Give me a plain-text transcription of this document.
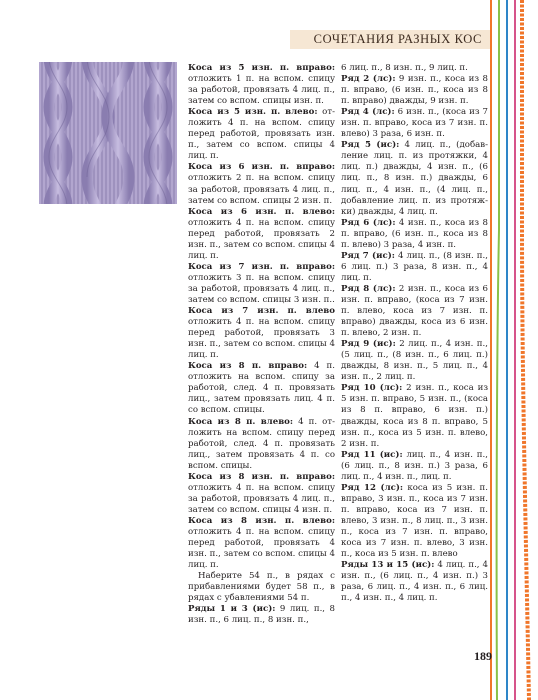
СОЧЕТАНИЯ РАЗНЫХ КОС

Коса из 5 изн. п. вправо: отложить 1 п. на вспом. спицу за работой, провязать 4 лиц. п., затем со вспом. спицы изн. п.

Коса из 5 изн. п. влево: отложить 4 п. на вспом. спицу перед работой, провязать изн. п., затем со вспом. спицы 4 лиц. п.

Коса из 6 изн. п. вправо: отложить 2 п. на вспом. спицу за работой, провязать 4 лиц. п., затем со вспом. спицы 2 изн. п.

Коса из 6 изн. п. влево: отложить 4 п. на вспом. спицу перед работой, провязать 2 изн. п., затем со вспом. спицы 4 лиц. п.

Коса из 7 изн. п. вправо: отложить 3 п. на вспом. спицу за работой, провязать 4 лиц. п., затем со вспом. спицы 3 изн. п..

Коса из 7 изн. п. влево отложить 4 п. на вспом. спицу перед работой, провязать 3 изн. п., затем со вспом. спицы 4 лиц. п.

Коса из 8 п. вправо: 4 п. отложить на вспом. спицу за работой, след. 4 п. провязать лиц., затем провязать лиц. 4 п. со вспом. спицы.

Коса из 8 п. влево: 4 п. отложить на вспом. спицу перед работой, след. 4 п. провязать лиц., затем провязать 4 п. со вспом. спицы.

Коса из 8 изн. п. вправо: отложить 4 п. на вспом. спицу за работой, провязать 4 лиц. п., затем со вспом. спицы 4 изн. п.

Коса из 8 изн. п. влево: отложить 4 п. на вспом. спицу перед работой, провязать 4 изн. п., затем со вспом. спицы 4 лиц. п.

Наберите 54 п., в рядах с прибавлениями будет 58 п., в рядах с убавлениями 54 п.

Ряды 1 и 3 (ис): 9 лиц. п., 8 изн. п., 6 лиц. п., 8 изн. п.,

6 лиц. п., 8 изн. п., 9 лиц. п.

Ряд 2 (лс): 9 изн. п., коса из 8 п. вправо, (6 изн. п., коса из 8 п. вправо) дважды, 9 изн. п.

Ряд 4 (лс): 6 изн. п., (коса из 7 изн. п. вправо, коса из 7 изн. п. влево) 3 раза, 6 изн. п.

Ряд 5 (ис): 4 лиц. п., (добавление лиц. п. из протяжки, 4 лиц. п.) дважды, 4 изн. п., (6 лиц. п., 8 изн. п.) дважды, 6 лиц. п., 4 изн. п., (4 лиц. п., добавление лиц. п. из протяжки) дважды, 4 лиц. п.

Ряд 6 (лс): 4 изн. п., коса из 8 п. вправо, (6 изн. п., коса из 8 п. влево) 3 раза, 4 изн. п.

Ряд 7 (ис): 4 лиц. п., (8 изн. п., 6 лиц. п.) 3 раза, 8 изн. п., 4 лиц. п.

Ряд 8 (лс): 2 изн. п., коса из 6 изн. п. вправо, (коса из 7 изн. п. влево, коса из 7 изн. п. вправо) дважды, коса из 6 изн. п. влево, 2 изн. п.

Ряд 9 (ис): 2 лиц. п., 4 изн. п., (5 лиц. п., (8 изн. п., 6 лиц. п.) дважды, 8 изн. п., 5 лиц. п., 4 изн. п., 2 лиц. п.

Ряд 10 (лс): 2 изн. п., коса из 5 изн. п. вправо, 5 изн. п., (коса из 8 п. вправо, 6 изн. п.) дважды, коса из 8 п. вправо, 5 изн. п., коса из 5 изн. п. влево, 2 изн. п.

Ряд 11 (ис): лиц. п., 4 изн. п., (6 лиц. п., 8 изн. п.) 3 раза, 6 лиц. п., 4 изн. п., лиц. п.

Ряд 12 (лс): коса из 5 изн. п. вправо, 3 изн. п., коса из 7 изн. п. вправо, коса из 7 изн. п. влево, 3 изн. п., 8 лиц. п., 3 изн. п., коса из 7 изн. п. вправо, коса из 7 изн. п. влево, 3 изн. п., коса из 5 изн. п. влево

Ряды 13 и 15 (ис): 4 лиц. п., 4 изн. п., (6 лиц. п., 4 изн. п.) 3 раза, 6 лиц. п., 4 изн. п., 6 лиц. п., 4 изн. п., 4 лиц. п.

189
